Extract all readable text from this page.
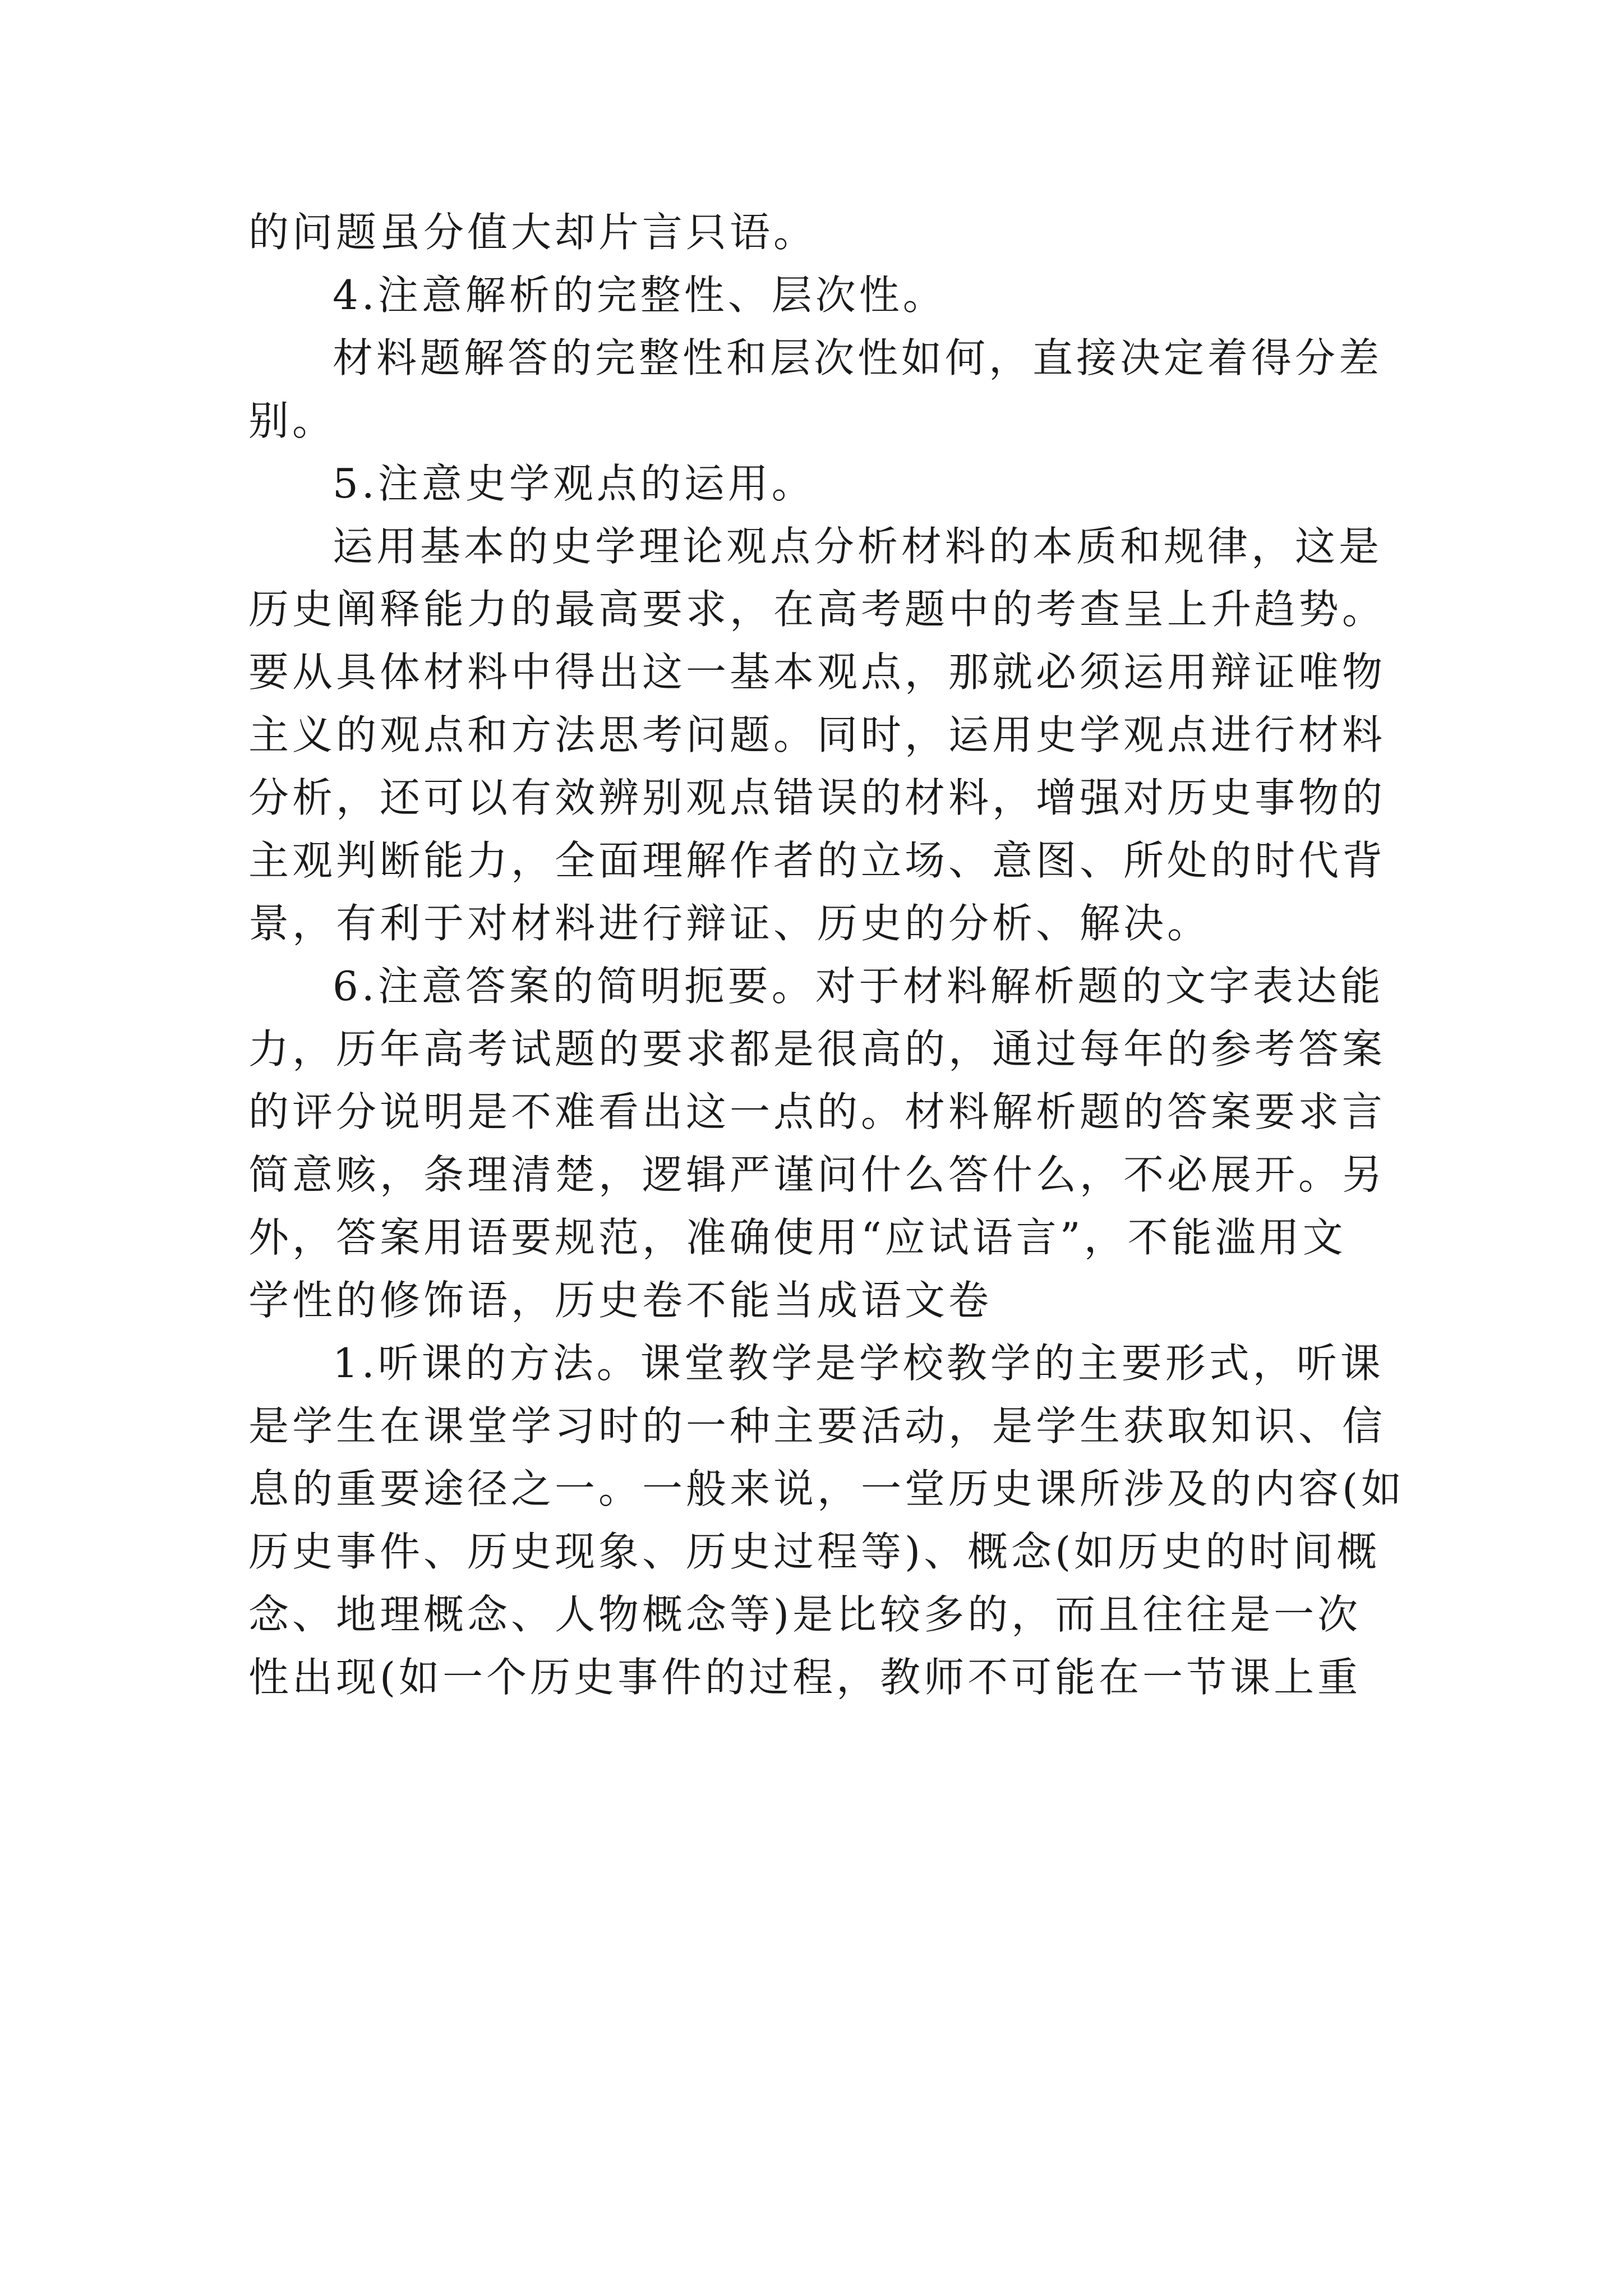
的问题虽分值大却片言只语。
4.注意解析的完整性、层次性。
材料题解答的完整性和层次性如何，直接决定着得分差
别。
5.注意史学观点的运用。
运用基本的史学理论观点分析材料的本质和规律，这是
历史阐释能力的最高要求，在高考题中的考查呈上升趋势。
要从具体材料中得出这一基本观点，那就必须运用辩证唯物
主义的观点和方法思考问题。同时，运用史学观点进行材料
分析，还可以有效辨别观点错误的材料，增强对历史事物的
主观判断能力，全面理解作者的立场、意图、所处的时代背
景，有利于对材料进行辩证、历史的分析、解决。
6.注意答案的简明扼要。对于材料解析题的文字表达能
力，历年高考试题的要求都是很高的，通过每年的参考答案
的评分说明是不难看出这一点的。材料解析题的答案要求言
简意赅，条理清楚，逻辑严谨问什么答什么，不必展开。另
外，答案用语要规范，准确使用“应试语言”，不能滥用文
学性的修饰语，历史卷不能当成语文卷
1.听课的方法。课堂教学是学校教学的主要形式，听课
是学生在课堂学习时的一种主要活动，是学生获取知识、信
息的重要途径之一。一般来说，一堂历史课所涉及的内容(如
历史事件、历史现象、历史过程等)、概念(如历史的时间概
念、地理概念、人物概念等)是比较多的，而且往往是一次
性出现(如一个历史事件的过程，教师不可能在一节课上重
